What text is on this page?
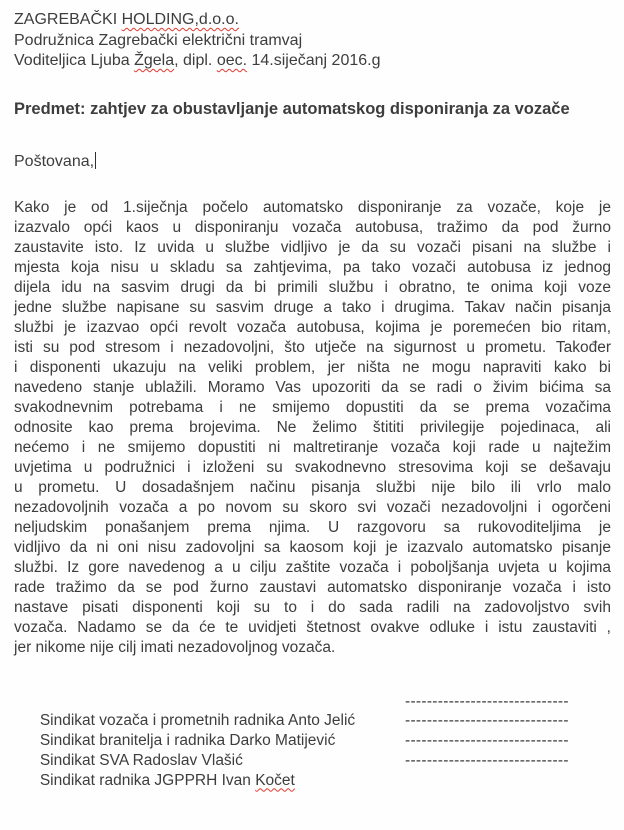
ZAGREBAČKI HOLDING,d.o.o.
Podružnica Zagrebački električni tramvaj
Voditeljica Ljuba Žgela, dipl. oec. 14.siječanj 2016.g
Predmet: zahtjev za obustavljanje automatskog disponiranja za vozače
Poštovana,
Kako je od 1.siječnja počelo automatsko disponiranje za vozače, koje je
izazvalo opći kaos u disponiranju vozača autobusa, tražimo da pod žurno
zaustavite isto. Iz uvida u službe vidljivo je da su vozači pisani na službe i
mjesta koja nisu u skladu sa zahtjevima, pa tako vozači autobusa iz jednog
dijela idu na sasvim drugi da bi primili službu i obratno, te onima koji voze
jedne službe napisane su sasvim druge a tako i drugima. Takav način pisanja
službi je izazvao opći revolt vozača autobusa, kojima je poremećen bio ritam,
isti su pod stresom i nezadovoljni, što utječe na sigurnost u prometu. Također
i disponenti ukazuju na veliki problem, jer ništa ne mogu napraviti kako bi
navedeno stanje ublažili. Moramo Vas upozoriti da se radi o živim bićima sa
svakodnevnim potrebama i ne smijemo dopustiti da se prema vozačima
odnosite kao prema brojevima. Ne želimo štititi privilegije pojedinaca, ali
nećemo i ne smijemo dopustiti ni maltretiranje vozača koji rade u najtežim
uvjetima u podružnici i izloženi su svakodnevno stresovima koji se dešavaju
u prometu. U dosadašnjem načinu pisanja službi nije bilo ili vrlo malo
nezadovoljnih vozača a po novom su skoro svi vozači nezadovoljni i ogorčeni
neljudskim ponašanjem prema njima. U razgovoru sa rukovoditeljima je
vidljivo da ni oni nisu zadovoljni sa kaosom koji je izazvalo automatsko pisanje
službi. Iz gore navedenog a u cilju zaštite vozača i poboljšanja uvjeta u kojima
rade tražimo da se pod žurno zaustavi automatsko disponiranje vozača i isto
nastave pisati disponenti koji su to i do sada radili na zadovoljstvo svih
vozača. Nadamo se da će te uvidjeti štetnost ovakve odluke i istu zaustaviti ,
jer nikome nije cilj imati nezadovoljnog vozača.

Sindikat vozača i prometnih radnika Anto Jelić

------------------------------

Sindikat branitelja i radnika Darko Matijević

------------------------------

Sindikat SVA Radoslav Vlašić

------------------------------

Sindikat radnika JGPPRH Ivan Kočet

------------------------------
